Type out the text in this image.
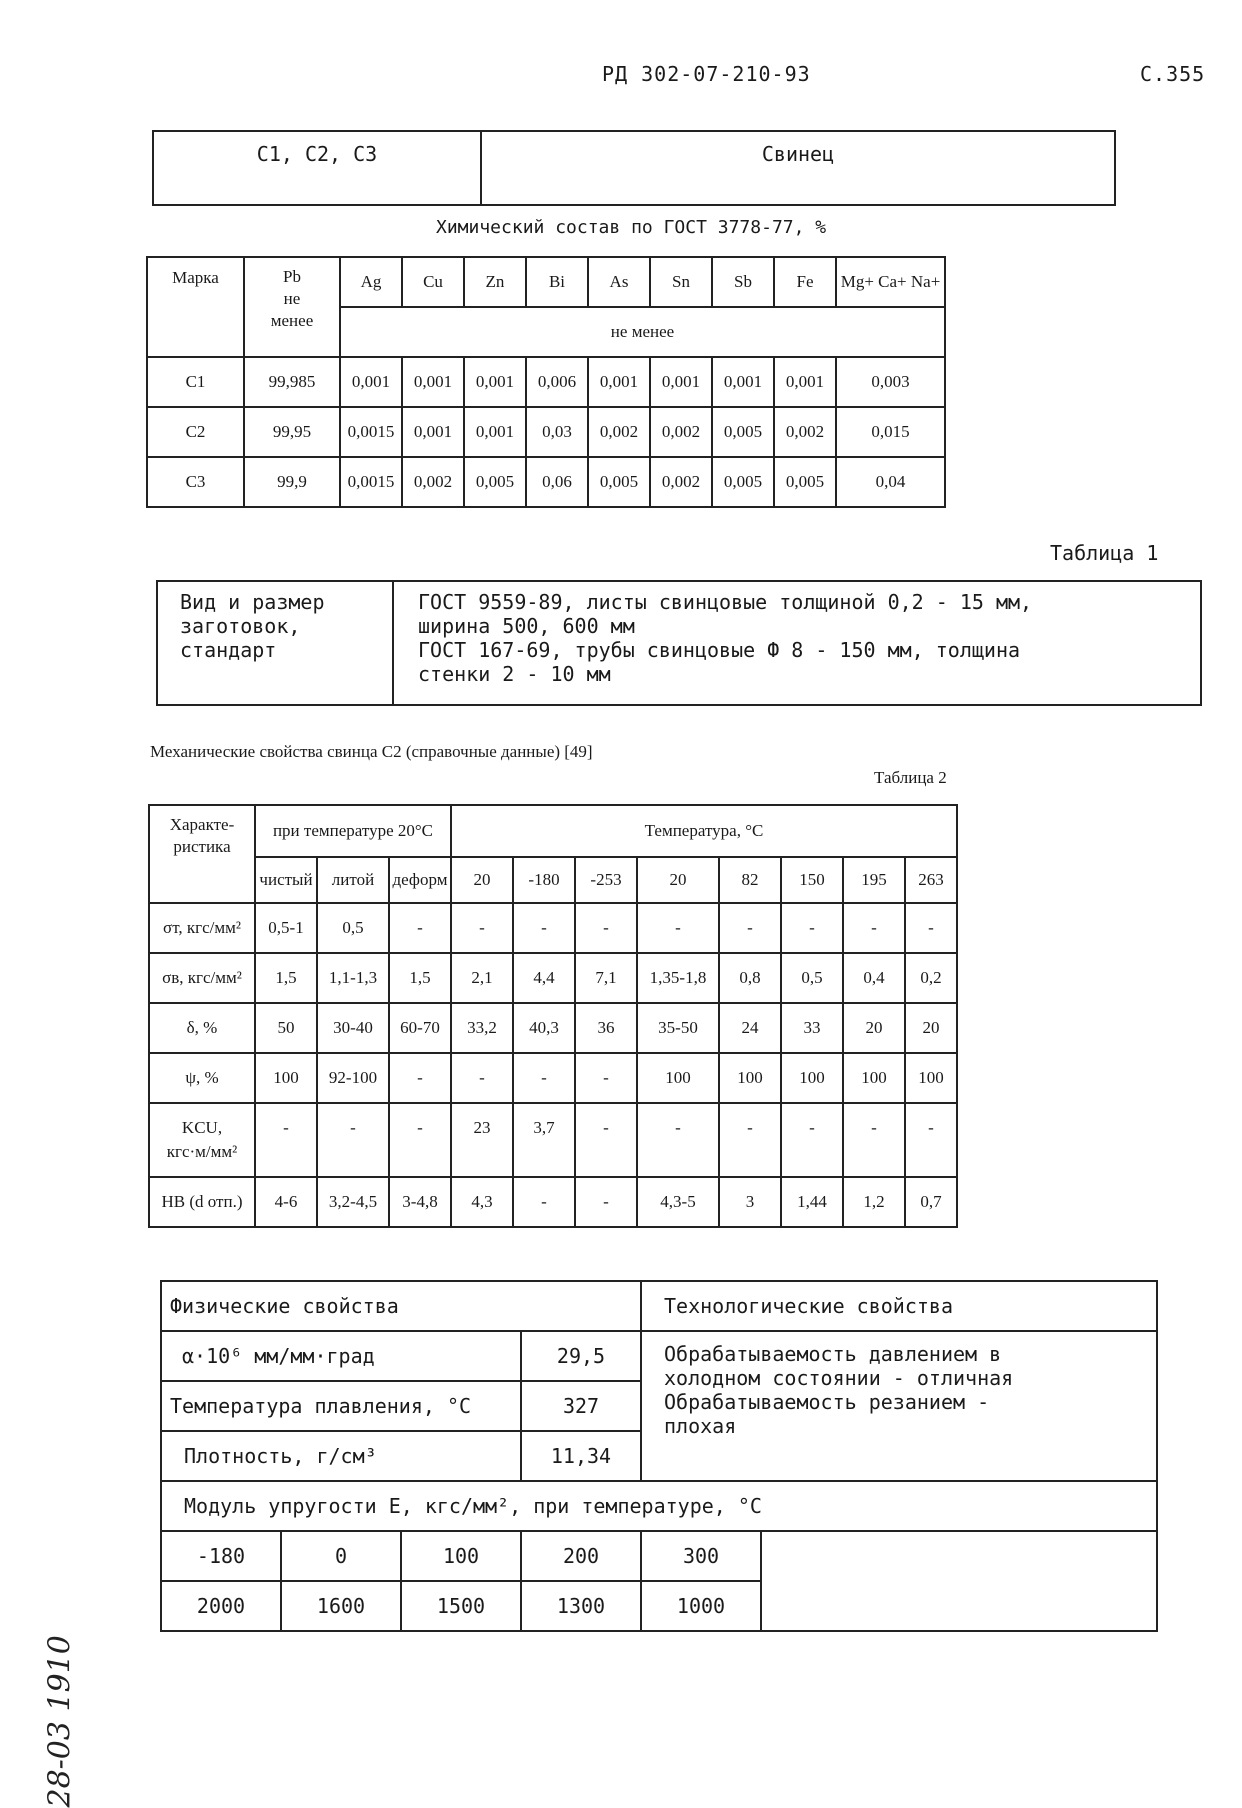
РД 302-07-210-93	С.355
С1, С2, С3	Свинец
Химический состав по ГОСТ 3778-77, %
Марка	Pb
не
менее	Ag	Cu	Zn	Bi	As	Sn	Sb	Fe	Mg+ Ca+ Na+
		не менее								
С1	99,985	0,001	0,001	0,001	0,006	0,001	0,001	0,001	0,001	0,003
С2	99,95	0,0015	0,001	0,001	0,03	0,002	0,002	0,005	0,002	0,015
С3	99,9	0,0015	0,002	0,005	0,06	0,005	0,002	0,005	0,005	0,04
Таблица 1
Вид и размер
заготовок,
стандарт	ГОСТ 9559-89, листы свинцовые толщиной 0,2 - 15 мм,
ширина 500, 600 мм
ГОСТ 167-69, трубы свинцовые Ф 8 - 150 мм, толщина
стенки 2 - 10 мм
Механические свойства свинца С2 (справочные данные) [49]
Таблица 2
Характе-
ристика	при температуре 20°С			Температура, °С							
	чистый	литой	деформ	20	-180	-253	20	82	150	195	263
σт, кгс/мм²	0,5-1	0,5	-	-	-	-	-	-	-	-	-
σв, кгс/мм²	1,5	1,1-1,3	1,5	2,1	4,4	7,1	1,35-1,8	0,8	0,5	0,4	0,2
δ, %	50	30-40	60-70	33,2	40,3	36	35-50	24	33	20	20
ψ, %	100	92-100	-	-	-	-	100	100	100	100	100
KCU,
кгс·м/мм²	-	-	-	23	3,7	-	-	-	-	-	-
HB (d отп.)	4-6	3,2-4,5	3-4,8	4,3	-	-	4,3-5	3	1,44	1,2	0,7
Физические свойства				Технологические свойства	
α·10⁶ мм/мм·град			29,5	Обрабатываемость давлением в
холодном состоянии - отличная
Обрабатываемость резанием -
плохая	
Температура плавления, °С			327		
Плотность, г/см³			11,34		
Модуль упругости Е, кгс/мм², при температуре, °С					
-180	0	100	200	300	
2000	1600	1500	1300	1000	
28-03 1910
